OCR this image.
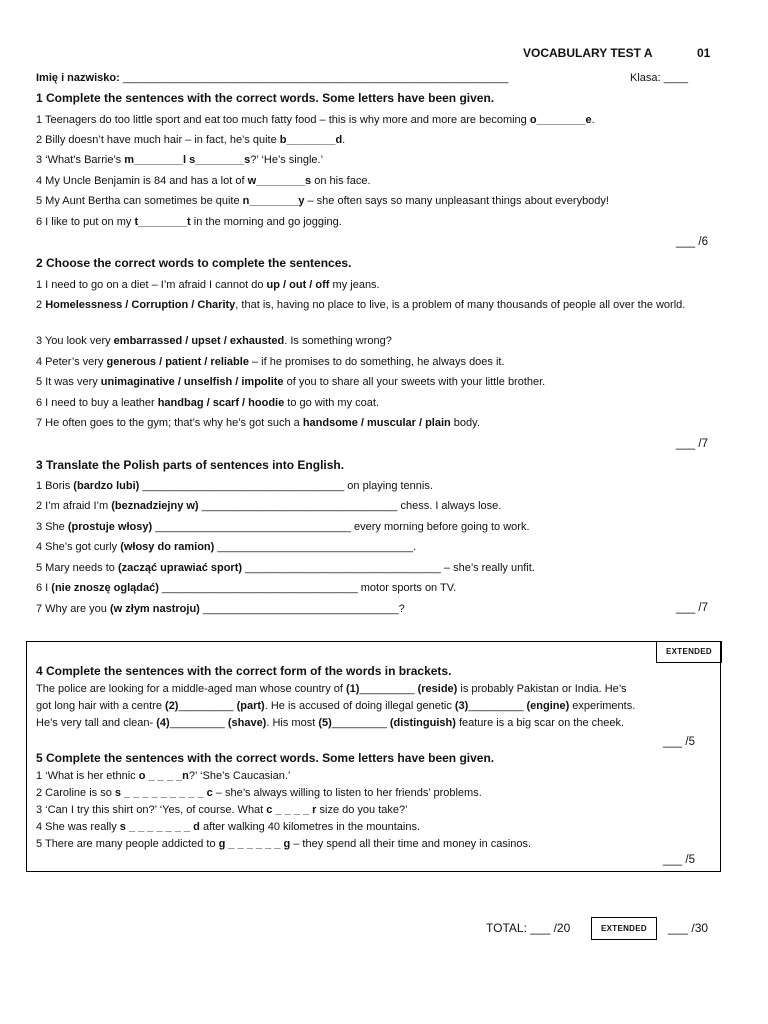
VOCABULARY TEST A	01
Imię i nazwisko: _______________________________________________________________	Klasa: ____
1 Complete the sentences with the correct words. Some letters have been given.
1 Teenagers do too little sport and eat too much fatty food – this is why more and more are becoming o________e.
2 Billy doesn’t have much hair – in fact, he’s quite b________d.
3 ‘What’s Barrie’s m________l s________s?’ ‘He’s single.’
4 My Uncle Benjamin is 84 and has a lot of w________s on his face.
5 My Aunt Bertha can sometimes be quite n________y – she often says so many unpleasant things about everybody!
6 I like to put on my t________t in the morning and go jogging.
___ /6
2 Choose the correct words to complete the sentences.
1 I need to go on a diet – I’m afraid I cannot do up / out / off my jeans.
2 Homelessness / Corruption / Charity, that is, having no place to live, is a problem of many thousands of people all over the world.
3 You look very embarrassed / upset / exhausted. Is something wrong?
4 Peter’s very generous / patient / reliable – if he promises to do something, he always does it.
5 It was very unimaginative / unselfish / impolite of you to share all your sweets with your little brother.
6 I need to buy a leather handbag / scarf / hoodie to go with my coat.
7 He often goes to the gym; that’s why he’s got such a handsome / muscular / plain body.
___ /7
3 Translate the Polish parts of sentences into English.
1 Boris (bardzo lubi) _________________________________ on playing tennis.
2 I’m afraid I’m (beznadziejny w) ________________________________ chess. I always lose.
3 She (prostuje włosy) ________________________________ every morning before going to work.
4 She’s got curly (włosy do ramion) ________________________________.
5 Mary needs to (zacząć uprawiać sport) ________________________________ – she’s really unfit.
6 I (nie znoszę oglądać) ________________________________ motor sports on TV.
7 Why are you (w złym nastroju) ________________________________?	___ /7
EXTENDED
4 Complete the sentences with the correct form of the words in brackets.
The police are looking for a middle-aged man whose country of (1)_________ (reside) is probably Pakistan or India. He’s
got long hair with a centre (2)_________ (part). He is accused of doing illegal genetic (3)_________ (engine) experiments.
He’s very tall and clean- (4)_________ (shave). His most (5)_________ (distinguish) feature is a big scar on the cheek.
___ /5
5 Complete the sentences with the correct words. Some letters have been given.
1 ‘What is her ethnic o _ _ _ _n?’ ‘She’s Caucasian.’
2 Caroline is so s _ _ _ _ _ _ _ _ _ c – she’s always willing to listen to her friends’ problems.
3 ‘Can I try this shirt on?’ ‘Yes, of course. What c _ _ _ _ r size do you take?’
4 She was really s _ _ _ _ _ _ _ d after walking 40 kilometres in the mountains.
5 There are many people addicted to g _ _ _ _ _ _ g – they spend all their time and money in casinos.
___ /5
TOTAL: ___ /20	EXTENDED	___ /30
